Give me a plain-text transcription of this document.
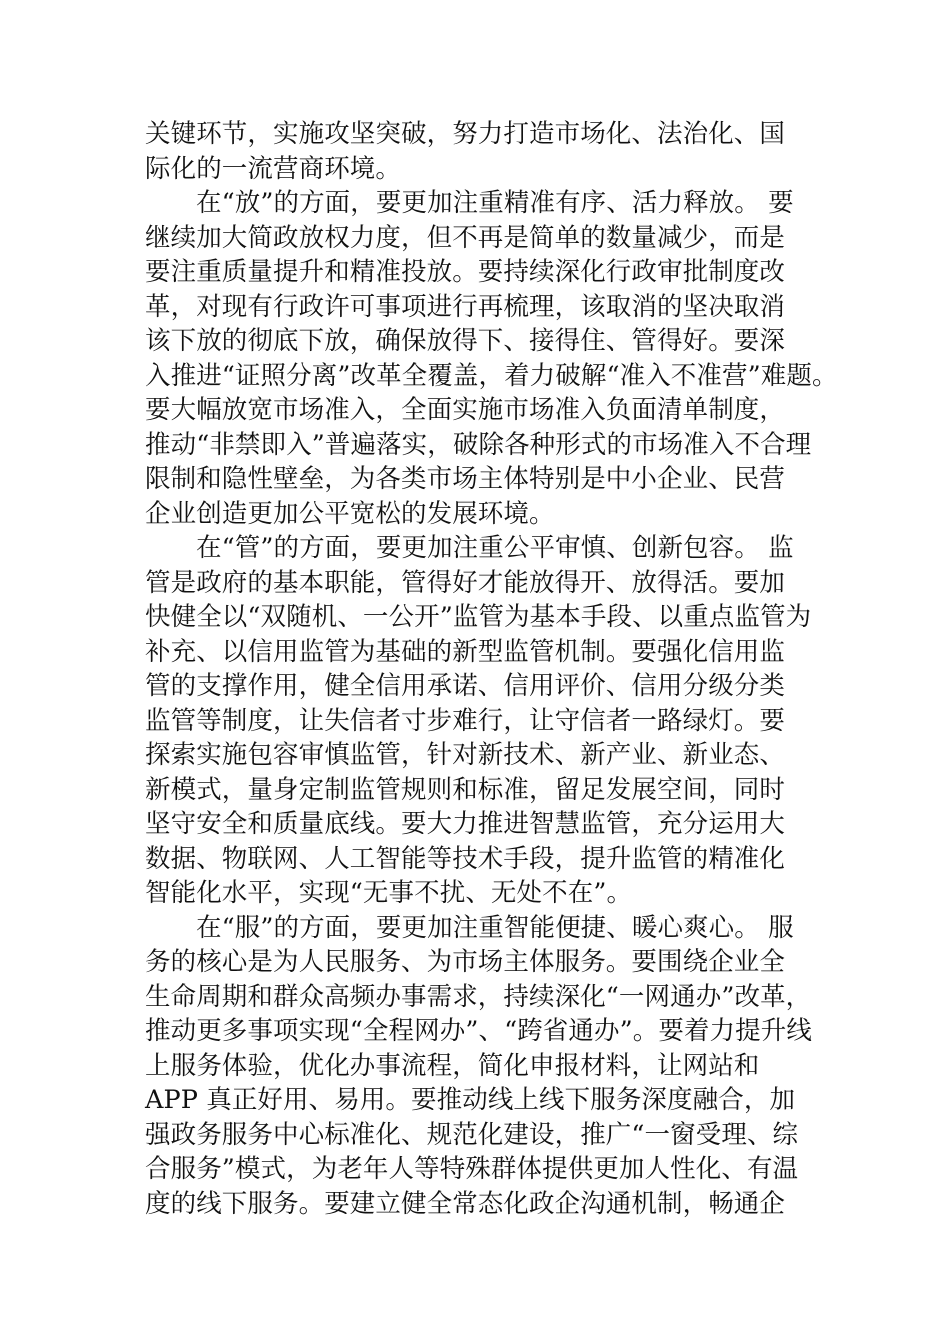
关键环节，实施攻坚突破，努力打造市场化、法治化、国
际化的一流营商环境。
在“放”的方面，要更加注重精准有序、活力释放。 要
继续加大简政放权力度，但不再是简单的数量减少，而是
要注重质量提升和精准投放。要持续深化行政审批制度改
革，对现有行政许可事项进行再梳理，该取消的坚决取消
该下放的彻底下放，确保放得下、接得住、管得好。要深
入推进“证照分离”改革全覆盖，着力破解“准入不准营”难题。
要大幅放宽市场准入，全面实施市场准入负面清单制度，
推动“非禁即入”普遍落实，破除各种形式的市场准入不合理
限制和隐性壁垒，为各类市场主体特别是中小企业、民营
企业创造更加公平宽松的发展环境。
在“管”的方面，要更加注重公平审慎、创新包容。 监
管是政府的基本职能，管得好才能放得开、放得活。要加
快健全以“双随机、一公开”监管为基本手段、以重点监管为
补充、以信用监管为基础的新型监管机制。要强化信用监
管的支撑作用，健全信用承诺、信用评价、信用分级分类
监管等制度，让失信者寸步难行，让守信者一路绿灯。要
探索实施包容审慎监管，针对新技术、新产业、新业态、
新模式，量身定制监管规则和标准，留足发展空间，同时
坚守安全和质量底线。要大力推进智慧监管，充分运用大
数据、物联网、人工智能等技术手段，提升监管的精准化
智能化水平，实现“无事不扰、无处不在”。
在“服”的方面，要更加注重智能便捷、暖心爽心。 服
务的核心是为人民服务、为市场主体服务。要围绕企业全
生命周期和群众高频办事需求，持续深化“一网通办”改革，
推动更多事项实现“全程网办”、“跨省通办”。要着力提升线
上服务体验，优化办事流程，简化申报材料，让网站和
APP 真正好用、易用。要推动线上线下服务深度融合，加
强政务服务中心标准化、规范化建设，推广“一窗受理、综
合服务”模式，为老年人等特殊群体提供更加人性化、有温
度的线下服务。要建立健全常态化政企沟通机制，畅通企
